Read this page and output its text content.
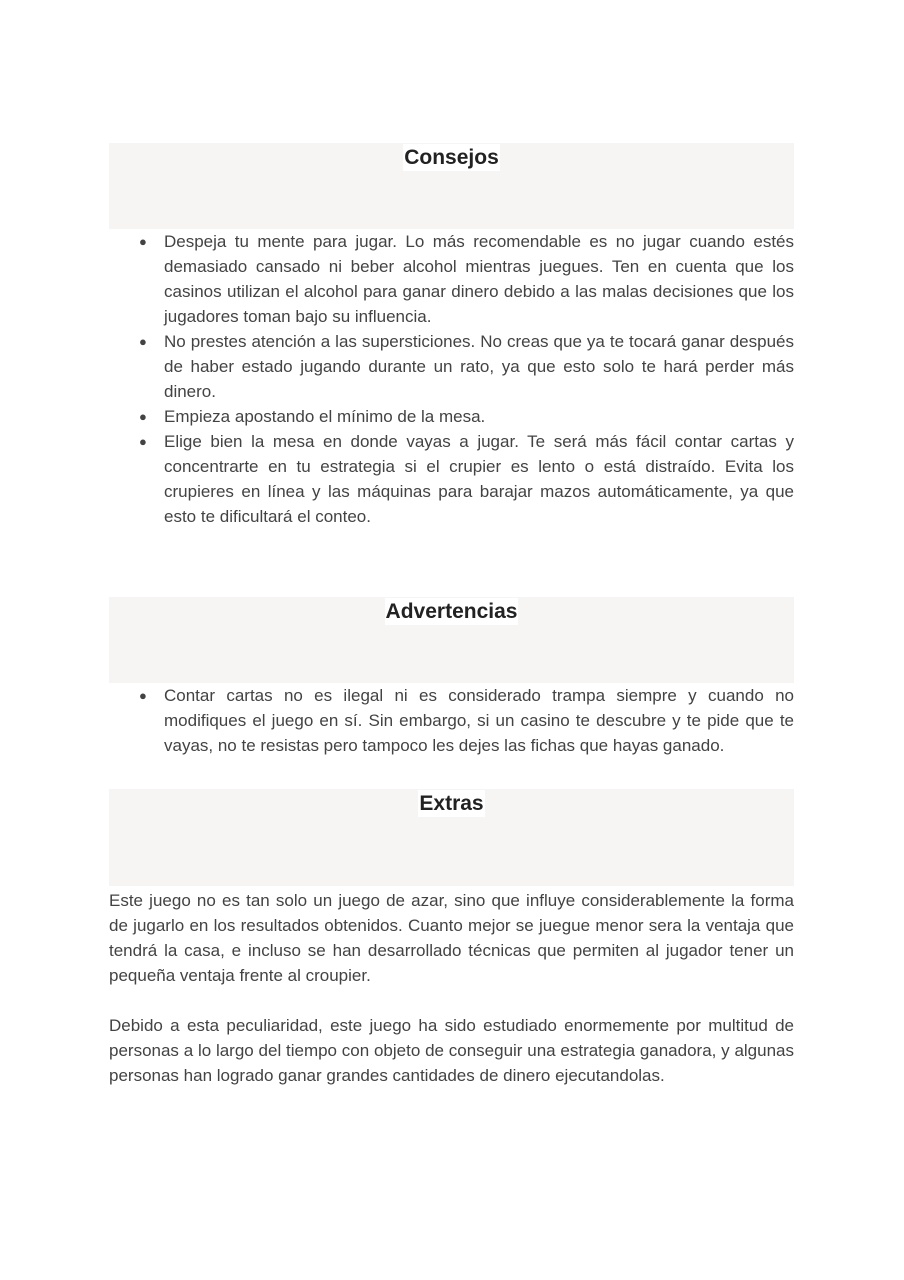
Consejos
● Despeja tu mente para jugar. Lo más recomendable es no jugar cuando estés demasiado cansado ni beber alcohol mientras juegues. Ten en cuenta que los casinos utilizan el alcohol para ganar dinero debido a las malas decisiones que los jugadores toman bajo su influencia.
● No prestes atención a las supersticiones. No creas que ya te tocará ganar después de haber estado jugando durante un rato, ya que esto solo te hará perder más dinero.
● Empieza apostando el mínimo de la mesa.
● Elige bien la mesa en donde vayas a jugar. Te será más fácil contar cartas y concentrarte en tu estrategia si el crupier es lento o está distraído. Evita los crupieres en línea y las máquinas para barajar mazos automáticamente, ya que esto te dificultará el conteo.
Advertencias
● Contar cartas no es ilegal ni es considerado trampa siempre y cuando no modifiques el juego en sí. Sin embargo, si un casino te descubre y te pide que te vayas, no te resistas pero tampoco les dejes las fichas que hayas ganado.
Extras

Este juego no es tan solo un juego de azar, sino que influye considerablemente la forma de jugarlo en los resultados obtenidos. Cuanto mejor se juegue menor sera la ventaja que tendrá la casa, e incluso se han desarrollado técnicas que permiten al jugador tener un pequeña ventaja frente al croupier.

Debido a esta peculiaridad, este juego ha sido estudiado enormemente por multitud de personas a lo largo del tiempo con objeto de conseguir una estrategia ganadora, y algunas personas han logrado ganar grandes cantidades de dinero ejecutandolas.
